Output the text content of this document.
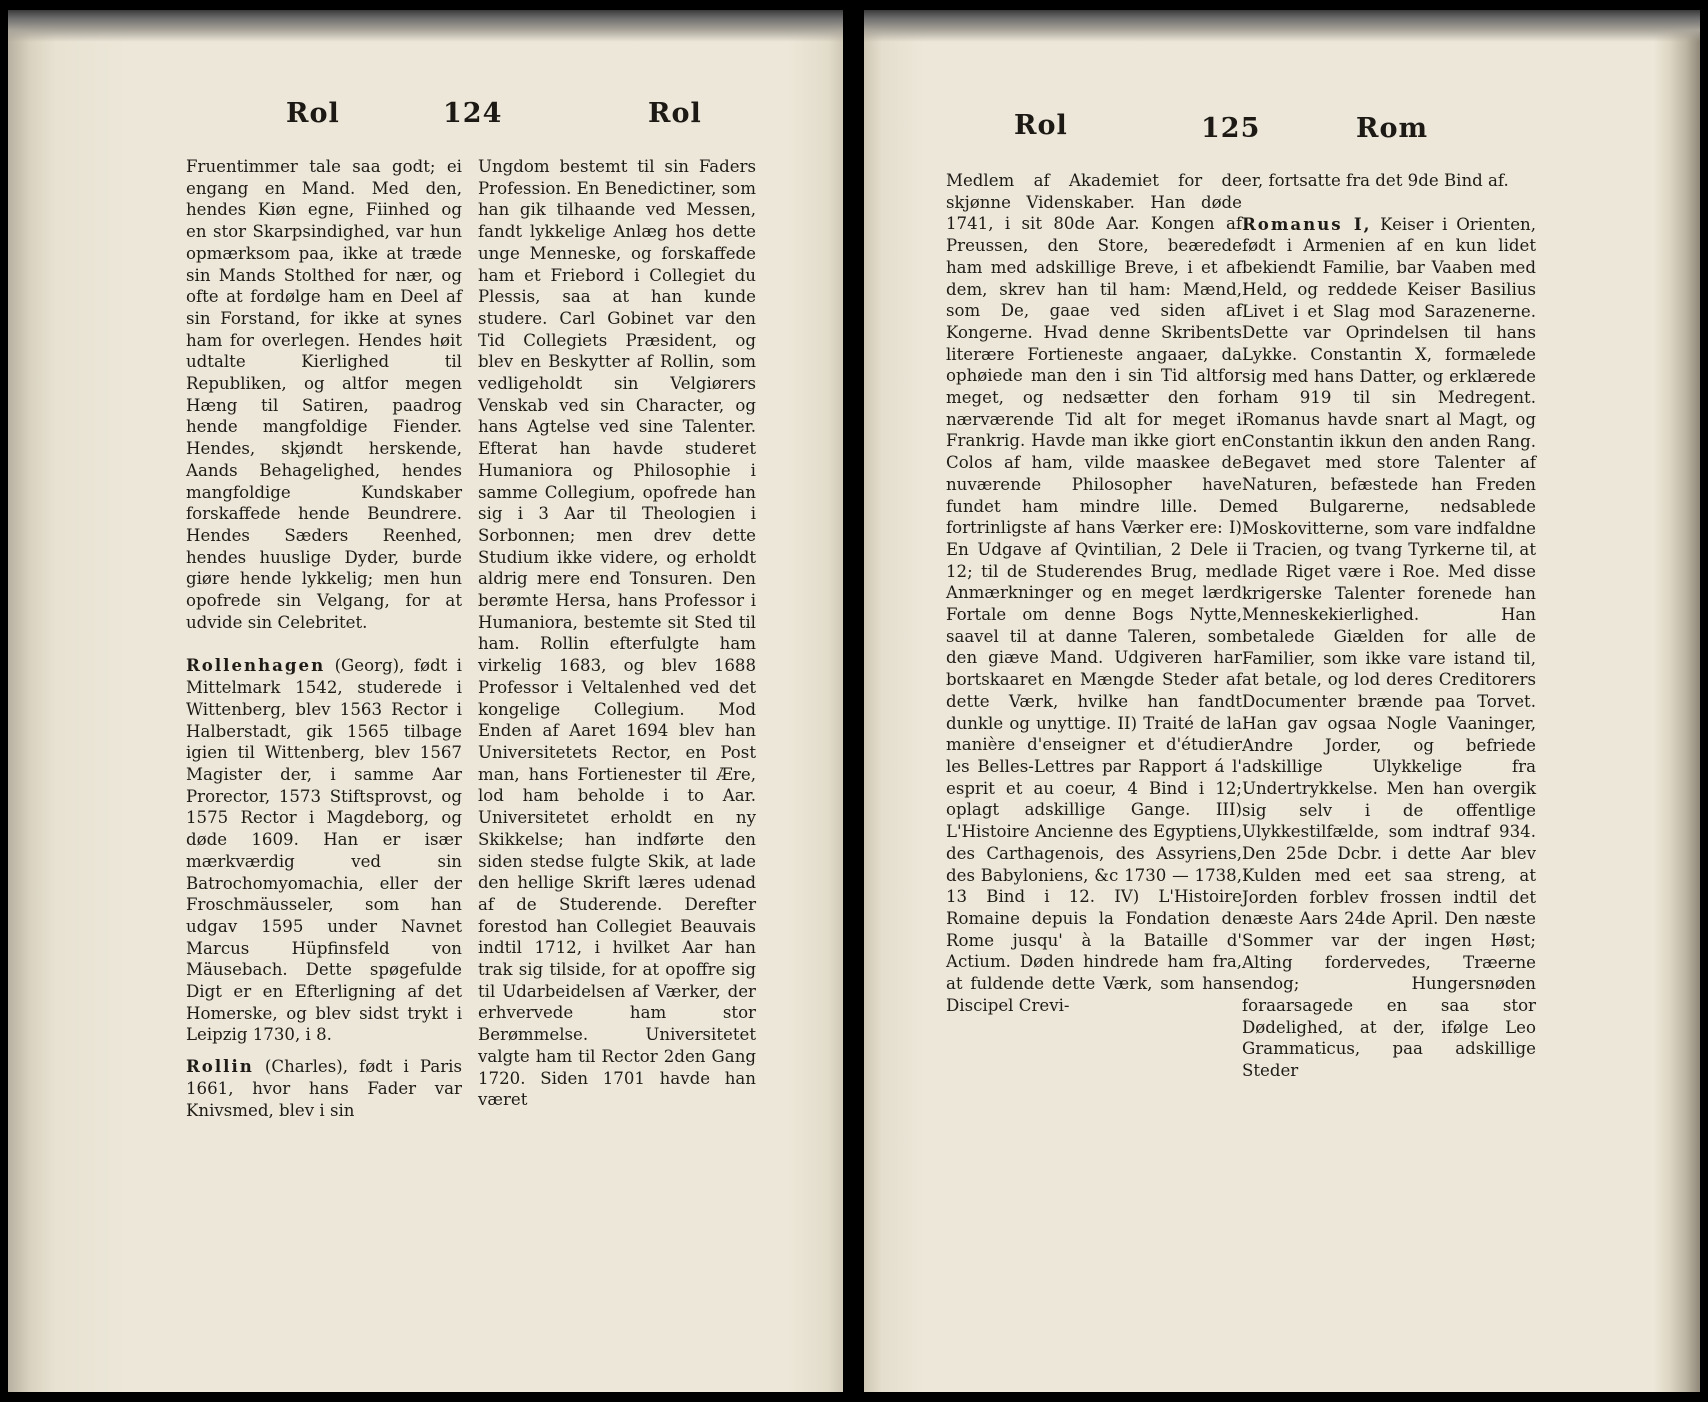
Rol	124	Rol

Fruentimmer tale saa godt; ei engang en Mand. Med den, hendes Kiøn egne, Fiinhed og en stor Skarpsindighed, var hun opmærksom paa, ikke at træde sin Mands Stolthed for nær, og ofte at fordølge ham en Deel af sin Forstand, for ikke at synes ham for overlegen. Hendes høit udtalte Kierlighed til Republiken, og altfor megen Hæng til Satiren, paadrog hende mangfoldige Fiender. Hendes, skjøndt herskende, Aands Behagelighed, hendes mangfoldige Kundskaber forskaffede hende Beundrere. Hendes Sæders Reenhed, hendes huuslige Dyder, burde giøre hende lykkelig; men hun opofrede sin Velgang, for at udvide sin Celebritet.

Rollenhagen (Georg), født i Mittelmark 1542, studerede i Wittenberg, blev 1563 Rector i Halberstadt, gik 1565 tilbage igien til Wittenberg, blev 1567 Magister der, i samme Aar Prorector, 1573 Stiftsprovst, og 1575 Rector i Magdeborg, og døde 1609. Han er især mærkværdig ved sin Batrochomyomachia, eller der Froschmäusseler, som han udgav 1595 under Navnet Marcus Hüpfinsfeld von Mäusebach. Dette spøgefulde Digt er en Efterligning af det Homerske, og blev sidst trykt i Leipzig 1730, i 8.

Rollin (Charles), født i Paris 1661, hvor hans Fader var Knivsmed, blev i sin

Ungdom bestemt til sin Faders Profession. En Benedictiner, som han gik tilhaande ved Messen, fandt lykkelige Anlæg hos dette unge Menneske, og forskaffede ham et Friebord i Collegiet du Plessis, saa at han kunde studere. Carl Gobinet var den Tid Collegiets Præsident, og blev en Beskytter af Rollin, som vedligeholdt sin Velgiørers Venskab ved sin Character, og hans Agtelse ved sine Talenter. Efterat han havde studeret Humaniora og Philosophie i samme Collegium, opofrede han sig i 3 Aar til Theologien i Sorbonnen; men drev dette Studium ikke videre, og erholdt aldrig mere end Tonsuren. Den berømte Hersa, hans Professor i Humaniora, bestemte sit Sted til ham. Rollin efterfulgte ham virkelig 1683, og blev 1688 Professor i Veltalenhed ved det kongelige Collegium. Mod Enden af Aaret 1694 blev han Universitetets Rector, en Post man, hans Fortienester til Ære, lod ham beholde i to Aar. Universitetet erholdt en ny Skikkelse; han indførte den siden stedse fulgte Skik, at lade den hellige Skrift læres udenad af de Studerende. Derefter forestod han Collegiet Beauvais indtil 1712, i hvilket Aar han trak sig tilside, for at opoffre sig til Udarbeidelsen af Værker, der erhvervede ham stor Berømmelse. Universitetet valgte ham til Rector 2den Gang 1720. Siden 1701 havde han været

Rol	125	Rom

Medlem af Akademiet for de skjønne Videnskaber. Han døde 1741, i sit 80de Aar. Kongen af Preussen, den Store, beærede ham med adskillige Breve, i et af dem, skrev han til ham: Mænd, som De, gaae ved siden af Kongerne. Hvad denne Skribents literære Fortieneste angaaer, da ophøiede man den i sin Tid altfor meget, og nedsætter den for nærværende Tid alt for meget i Frankrig. Havde man ikke giort en Colos af ham, vilde maaskee de nuværende Philosopher have fundet ham mindre lille. De fortrinligste af hans Værker ere: I) En Udgave af Qvintilian, 2 Dele i 12; til de Studerendes Brug, med Anmærkninger og en meget lærd Fortale om denne Bogs Nytte, saavel til at danne Taleren, som den giæve Mand. Udgiveren har bortskaaret en Mængde Steder af dette Værk, hvilke han fandt dunkle og unyttige. II) Traité de la manière d'enseigner et d'étudier les Belles-Lettres par Rapport á l' esprit et au coeur, 4 Bind i 12; oplagt adskillige Gange. III) L'Histoire Ancienne des Egyptiens, des Carthagenois, des Assyriens, des Babyloniens, &c 1730 — 1738, 13 Bind i 12. IV) L'Histoire Romaine depuis la Fondation de Rome jusqu' à la Bataille d' Actium. Døden hindrede ham fra, at fuldende dette Værk, som hans Discipel Crevi-

er, fortsatte fra det 9de Bind af.

Romanus I, Keiser i Orienten, født i Armenien af en kun lidet bekiendt Familie, bar Vaaben med Held, og reddede Keiser Basilius Livet i et Slag mod Sarazenerne. Dette var Oprindelsen til hans Lykke. Constantin X, formælede sig med hans Datter, og erklærede ham 919 til sin Medregent. Romanus havde snart al Magt, og Constantin ikkun den anden Rang. Begavet med store Talenter af Naturen, befæstede han Freden med Bulgarerne, nedsablede Moskovitterne, som vare indfaldne i Tracien, og tvang Tyrkerne til, at lade Riget være i Roe. Med disse krigerske Talenter forenede han Menneskekierlighed. Han betalede Giælden for alle de Familier, som ikke vare istand til, at betale, og lod deres Creditorers Documenter brænde paa Torvet. Han gav ogsaa Nogle Vaaninger, Andre Jorder, og befriede adskillige Ulykkelige fra Undertrykkelse. Men han overgik sig selv i de offentlige Ulykkestilfælde, som indtraf 934. Den 25de Dcbr. i dette Aar blev Kulden med eet saa streng, at Jorden forblev frossen indtil det næste Aars 24de April. Den næste Sommer var der ingen Høst; Alting fordervedes, Træerne endog; Hungersnøden foraarsagede en saa stor Dødelighed, at der, ifølge Leo Grammaticus, paa adskillige Steder
